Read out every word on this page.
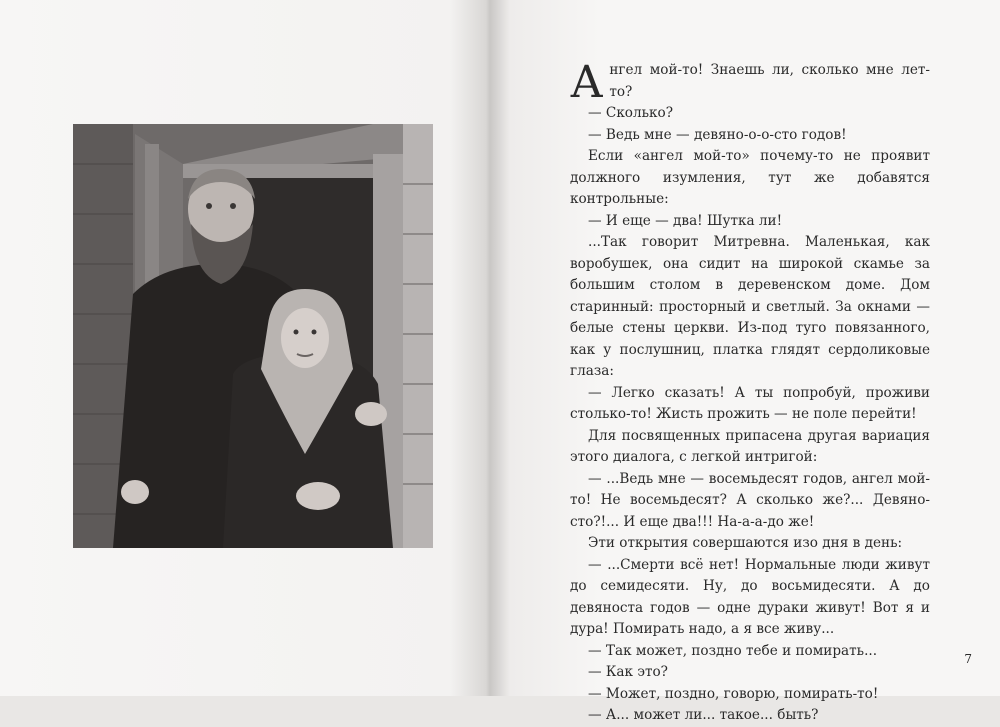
Ангел мой-то! Знаешь ли, сколько мне лет-то?

— Сколько?

— Ведь мне — девяно-о-о-сто годов!

Если «ангел мой-то» почему-то не проявит должного изумления, тут же добавятся контрольные:

— И еще — два! Шутка ли!

...Так говорит Митревна. Маленькая, как воробушек, она сидит на широкой скамье за большим столом в деревенском доме. Дом старинный: просторный и светлый. За окнами — белые стены церкви. Из-под туго повязанного, как у послушниц, платка глядят сердоликовые глаза:

— Легко сказать! А ты попробуй, проживи столько-то! Жисть прожить — не поле перейти!

Для посвященных припасена другая вариация этого диалога, с легкой интригой:

— ...Ведь мне — восемьдесят годов, ангел мой-то! Не восемьдесят? А сколько же?... Девяно-сто?!... И еще два!!! На-а-а-до же!

Эти открытия совершаются изо дня в день:

— ...Смерти всё нет! Нормальные люди живут до семидесяти. Ну, до восьмидесяти. А до девяноста годов — одне дураки живут! Вот я и дура! Помирать надо, а я все живу...

— Так может, поздно тебе и помирать...

— Как это?

— Может, поздно, говорю, помирать-то!

— А... может ли... такое... быть?

7
